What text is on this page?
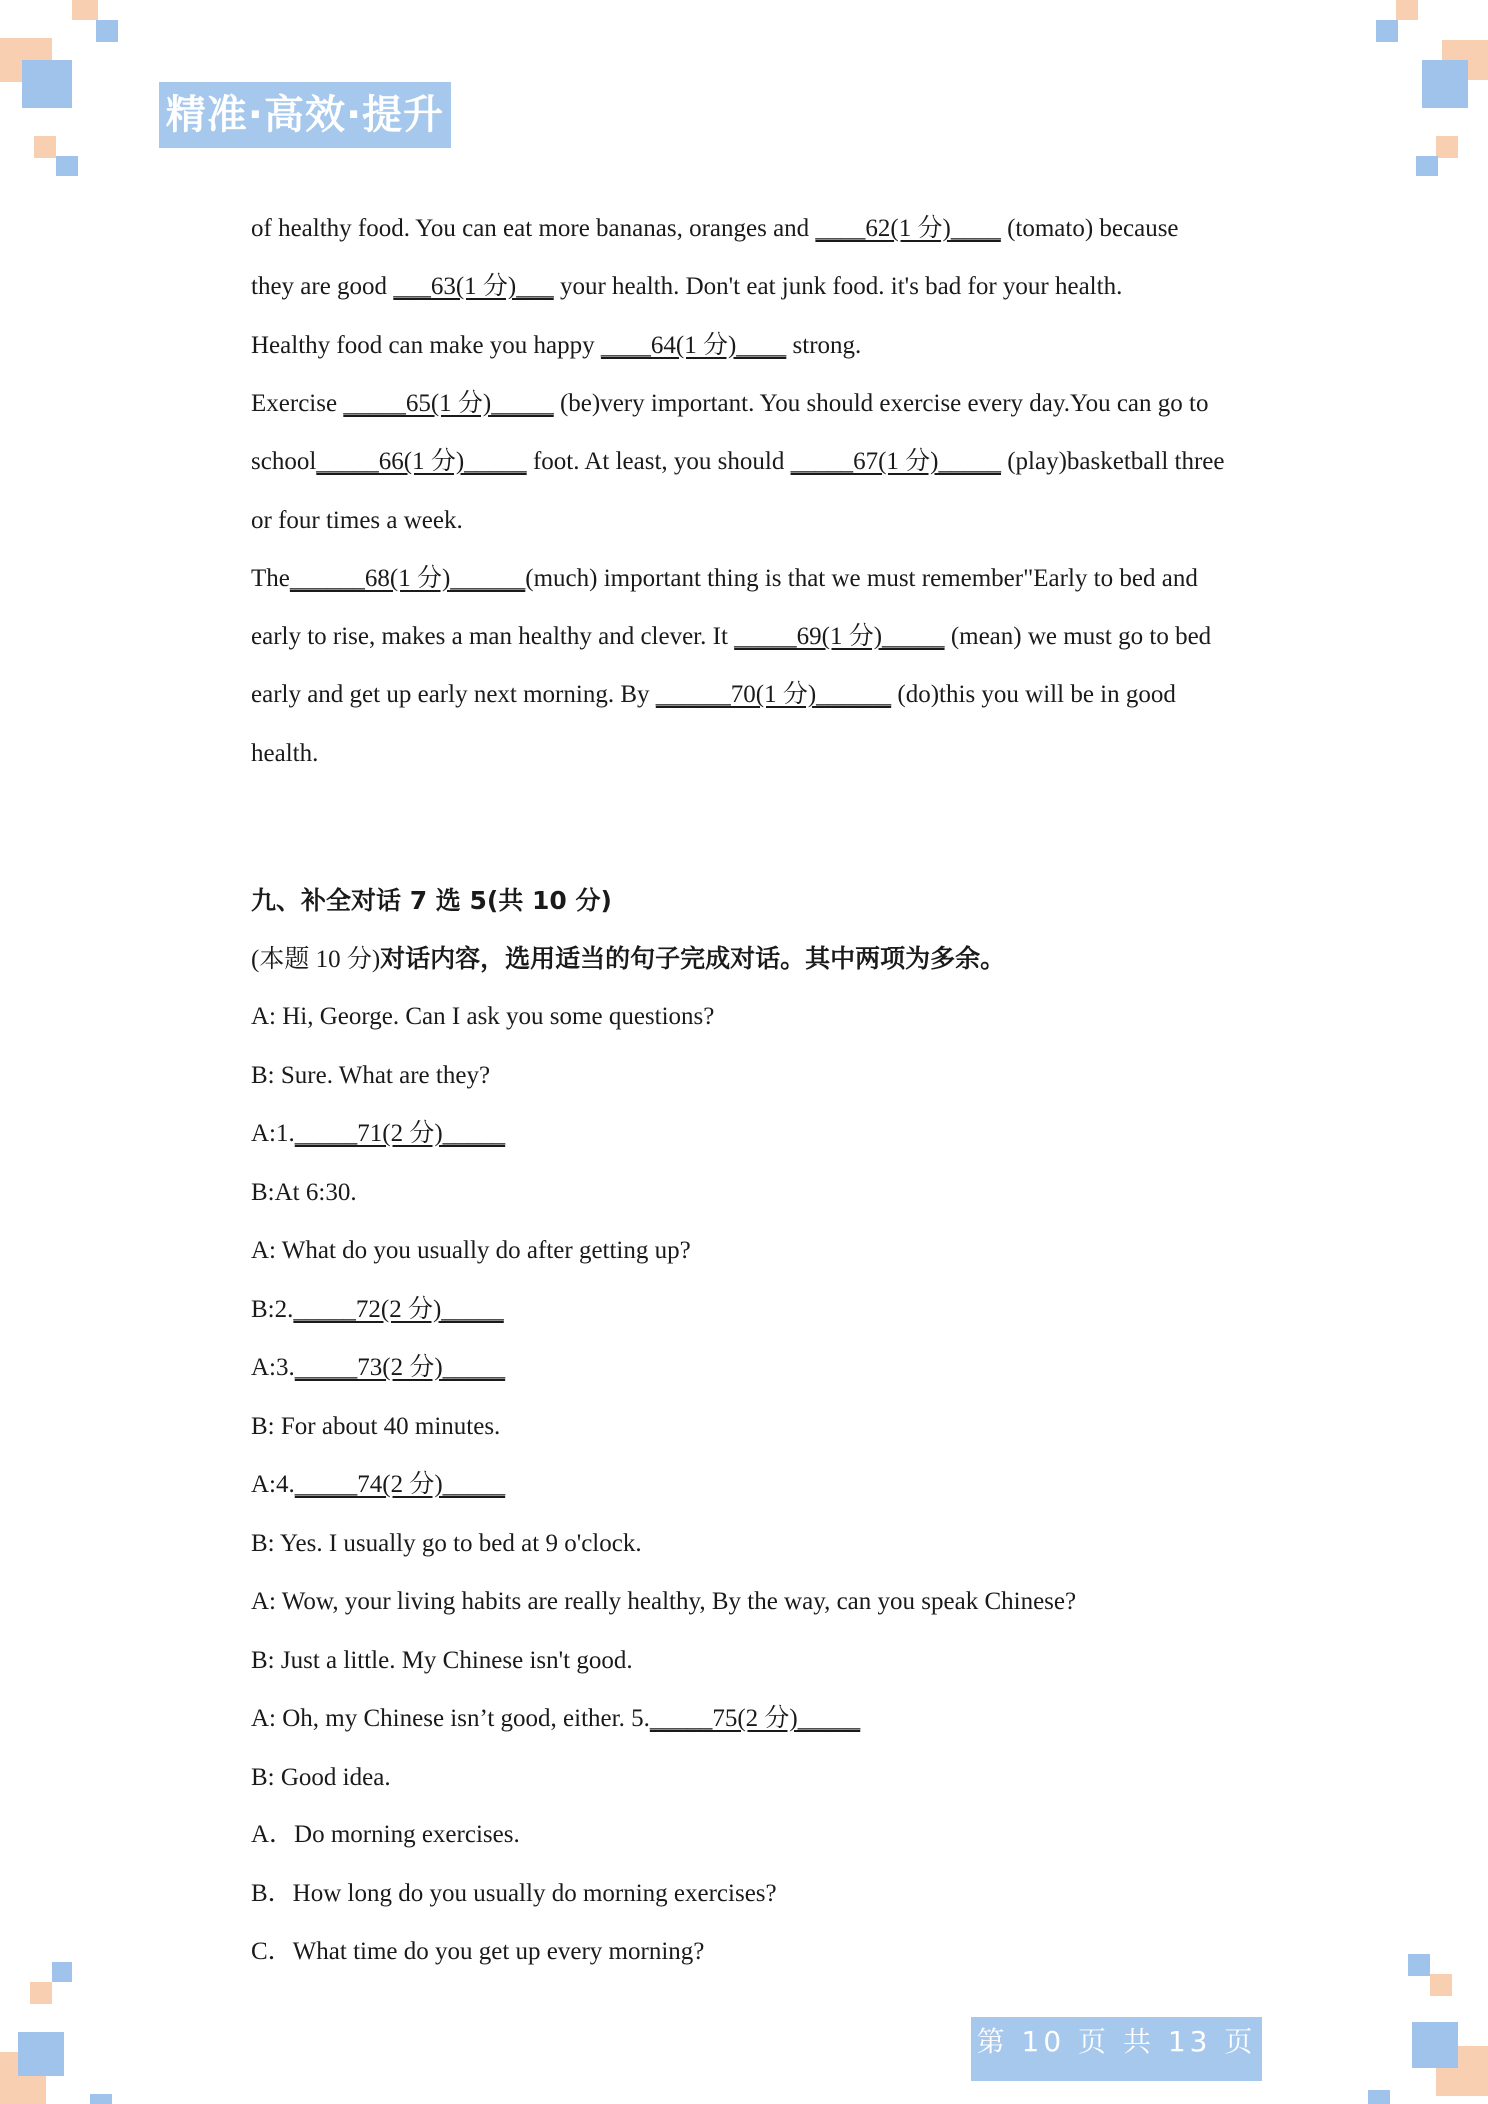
精准·高效·提升
of healthy food. You can eat more bananas, oranges and ____62(1 分)____ (tomato) because
they are good ___63(1 分)___ your health. Don't eat junk food. it's bad for your health.
Healthy food can make you happy ____64(1 分)____ strong.
Exercise _____65(1 分)_____ (be)very important. You should exercise every day.You can go to
school_____66(1 分)_____ foot. At least, you should _____67(1 分)_____ (play)basketball three
or four times a week.
The______68(1 分)______(much) important thing is that we must remember"Early to bed and
early to rise, makes a man healthy and clever. It _____69(1 分)_____ (mean) we must go to bed
early and get up early next morning. By ______70(1 分)______ (do)this you will be in good
health.
九、补全对话 7 选 5(共 10 分)
(本题 10 分)对话内容，选用适当的句子完成对话。其中两项为多余。
A: Hi, George. Can I ask you some questions?
B: Sure. What are they?
A:1._____71(2 分)_____
B:At 6:30.
A: What do you usually do after getting up?
B:2._____72(2 分)_____
A:3._____73(2 分)_____
B: For about 40 minutes.
A:4._____74(2 分)_____
B: Yes. I usually go to bed at 9 o'clock.
A: Wow, your living habits are really healthy, By the way, can you speak Chinese?
B: Just a little. My Chinese isn't good.
A: Oh, my Chinese isn’t good, either. 5._____75(2 分)_____
B: Good idea.
A．Do morning exercises.
B．How long do you usually do morning exercises?
C．What time do you get up every morning?
第 10 页 共 13 页
